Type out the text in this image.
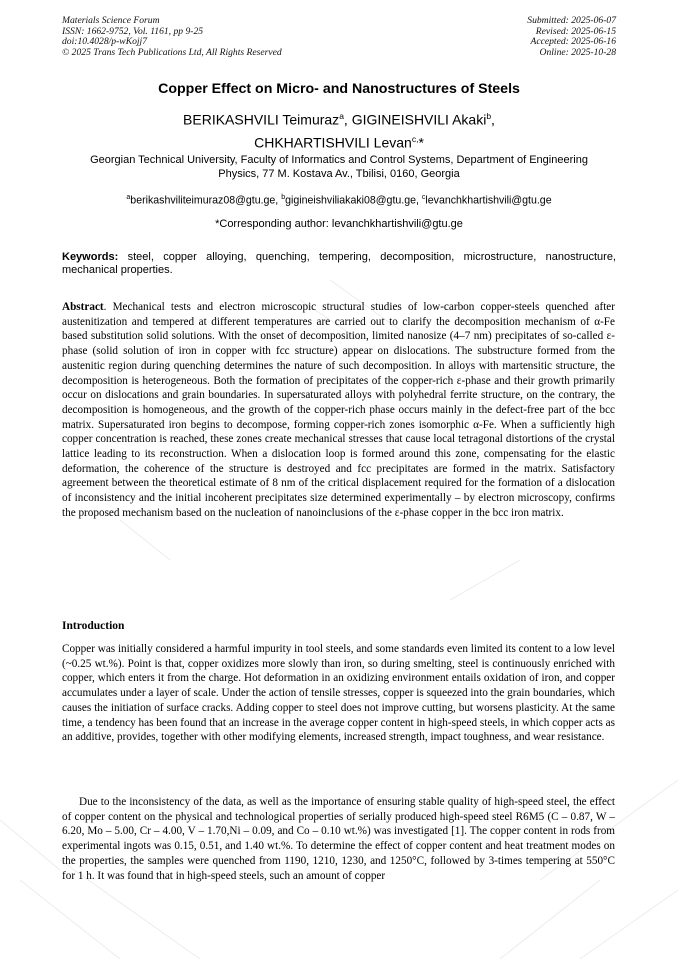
Materials Science Forum
ISSN: 1662-9752, Vol. 1161, pp 9-25
doi:10.4028/p-wKojj7
© 2025 Trans Tech Publications Ltd, All Rights Reserved
Submitted: 2025-06-07
Revised: 2025-06-15
Accepted: 2025-06-16
Online: 2025-10-28
Copper Effect on Micro- and Nanostructures of Steels
BERIKASHVILI Teimuraz$^a$, GIGINEISHVILI Akaki$^b$,
CHKHARTISHVILI Levan$^{c,}$*
Georgian Technical University, Faculty of Informatics and Control Systems, Department of Engineering Physics, 77 M. Kostava Av., Tbilisi, 0160, Georgia
$^a$berikashviliteimuraz08@gtu.ge, $^b$gigineishviliakaki08@gtu.ge, $^c$levanchkhartishvili@gtu.ge
*Corresponding author: levanchkhartishvili@gtu.ge
Keywords: steel, copper alloying, quenching, tempering, decomposition, microstructure, nanostructure, mechanical properties.
Abstract. Mechanical tests and electron microscopic structural studies of low-carbon copper-steels quenched after austenitization and tempered at different temperatures are carried out to clarify the decomposition mechanism of α-Fe based substitution solid solutions. With the onset of decomposition, limited nanosize (4–7 nm) precipitates of so-called ε-phase (solid solution of iron in copper with fcc structure) appear on dislocations. The substructure formed from the austenitic region during quenching determines the nature of such decomposition. In alloys with martensitic structure, the decomposition is heterogeneous. Both the formation of precipitates of the copper-rich ε-phase and their growth primarily occur on dislocations and grain boundaries. In supersaturated alloys with polyhedral ferrite structure, on the contrary, the decomposition is homogeneous, and the growth of the copper-rich phase occurs mainly in the defect-free part of the bcc matrix. Supersaturated iron begins to decompose, forming copper-rich zones isomorphic α-Fe. When a sufficiently high copper concentration is reached, these zones create mechanical stresses that cause local tetragonal distortions of the crystal lattice leading to its reconstruction. When a dislocation loop is formed around this zone, compensating for the elastic deformation, the coherence of the structure is destroyed and fcc precipitates are formed in the matrix. Satisfactory agreement between the theoretical estimate of 8 nm of the critical displacement required for the formation of a dislocation of inconsistency and the initial incoherent precipitates size determined experimentally – by electron microscopy, confirms the proposed mechanism based on the nucleation of nanoinclusions of the ε-phase copper in the bcc iron matrix.
Introduction
Copper was initially considered a harmful impurity in tool steels, and some standards even limited its content to a low level (~0.25 wt.%). Point is that, copper oxidizes more slowly than iron, so during smelting, steel is continuously enriched with copper, which enters it from the charge. Hot deformation in an oxidizing environment entails oxidation of iron, and copper accumulates under a layer of scale. Under the action of tensile stresses, copper is squeezed into the grain boundaries, which causes the initiation of surface cracks. Adding copper to steel does not improve cutting, but worsens plasticity. At the same time, a tendency has been found that an increase in the average copper content in high-speed steels, in which copper acts as an additive, provides, together with other modifying elements, increased strength, impact toughness, and wear resistance.
Due to the inconsistency of the data, as well as the importance of ensuring stable quality of high-speed steel, the effect of copper content on the physical and technological properties of serially produced high-speed steel R6M5 (C – 0.87, W – 6.20, Mo – 5.00, Cr – 4.00, V – 1.70,Ni – 0.09, and Co – 0.10 wt.%) was investigated [1]. The copper content in rods from experimental ingots was 0.15, 0.51, and 1.40 wt.%. To determine the effect of copper content and heat treatment modes on the properties, the samples were quenched from 1190, 1210, 1230, and 1250°C, followed by 3-times tempering at 550°C for 1 h. It was found that in high-speed steels, such an amount of copper
